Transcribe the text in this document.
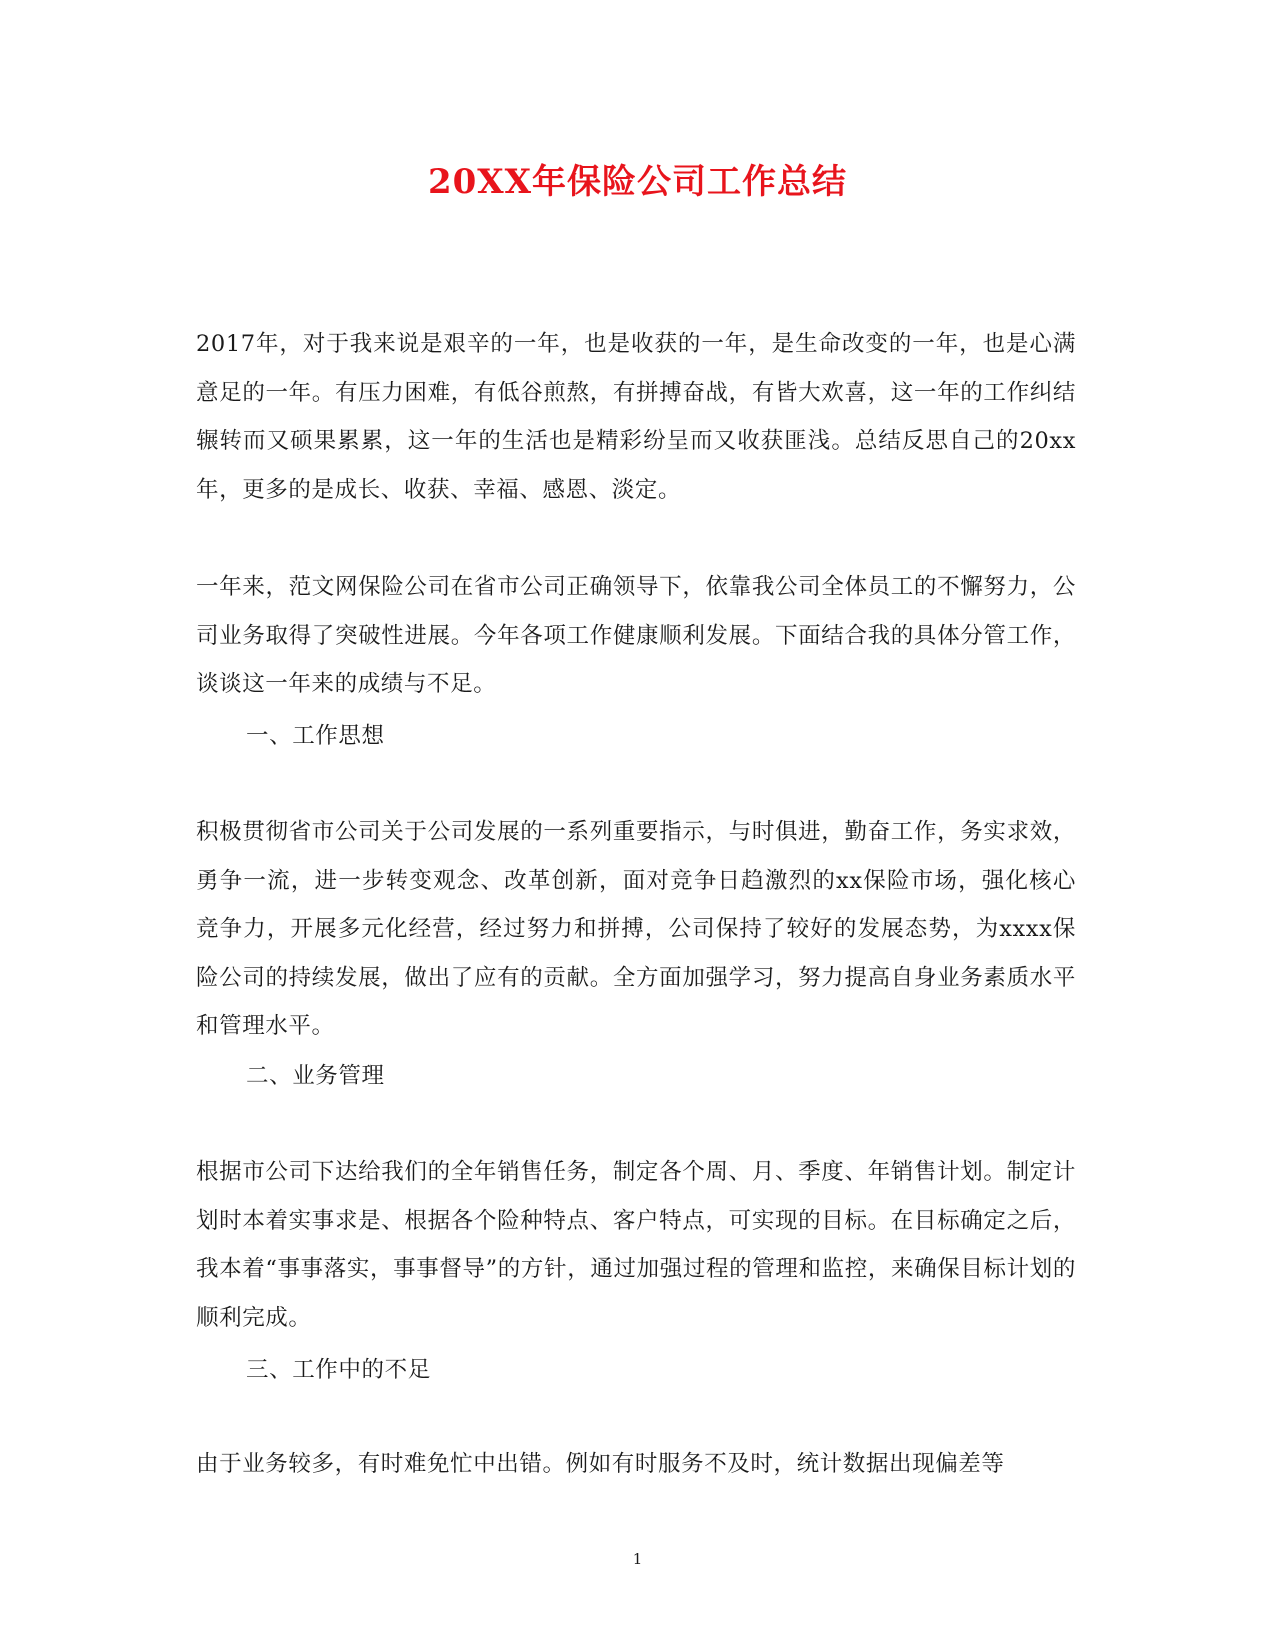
20XX年保险公司工作总结
2017年，对于我来说是艰辛的一年，也是收获的一年，是生命改变的一年，也是心满意足的一年。有压力困难，有低谷煎熬，有拼搏奋战，有皆大欢喜，这一年的工作纠结辗转而又硕果累累，这一年的生活也是精彩纷呈而又收获匪浅。总结反思自己的20xx年，更多的是成长、收获、幸福、感恩、淡定。
一年来，范文网保险公司在省市公司正确领导下，依靠我公司全体员工的不懈努力，公司业务取得了突破性进展。今年各项工作健康顺利发展。下面结合我的具体分管工作，谈谈这一年来的成绩与不足。
一、工作思想
积极贯彻省市公司关于公司发展的一系列重要指示，与时俱进，勤奋工作，务实求效，勇争一流，进一步转变观念、改革创新，面对竞争日趋激烈的xx保险市场，强化核心竞争力，开展多元化经营，经过努力和拼搏，公司保持了较好的发展态势，为xxxx保险公司的持续发展，做出了应有的贡献。全方面加强学习，努力提高自身业务素质水平和管理水平。
二、业务管理
根据市公司下达给我们的全年销售任务，制定各个周、月、季度、年销售计划。制定计划时本着实事求是、根据各个险种特点、客户特点，可实现的目标。在目标确定之后，我本着“事事落实，事事督导”的方针，通过加强过程的管理和监控，来确保目标计划的顺利完成。
三、工作中的不足
由于业务较多，有时难免忙中出错。例如有时服务不及时，统计数据出现偏差等
1
